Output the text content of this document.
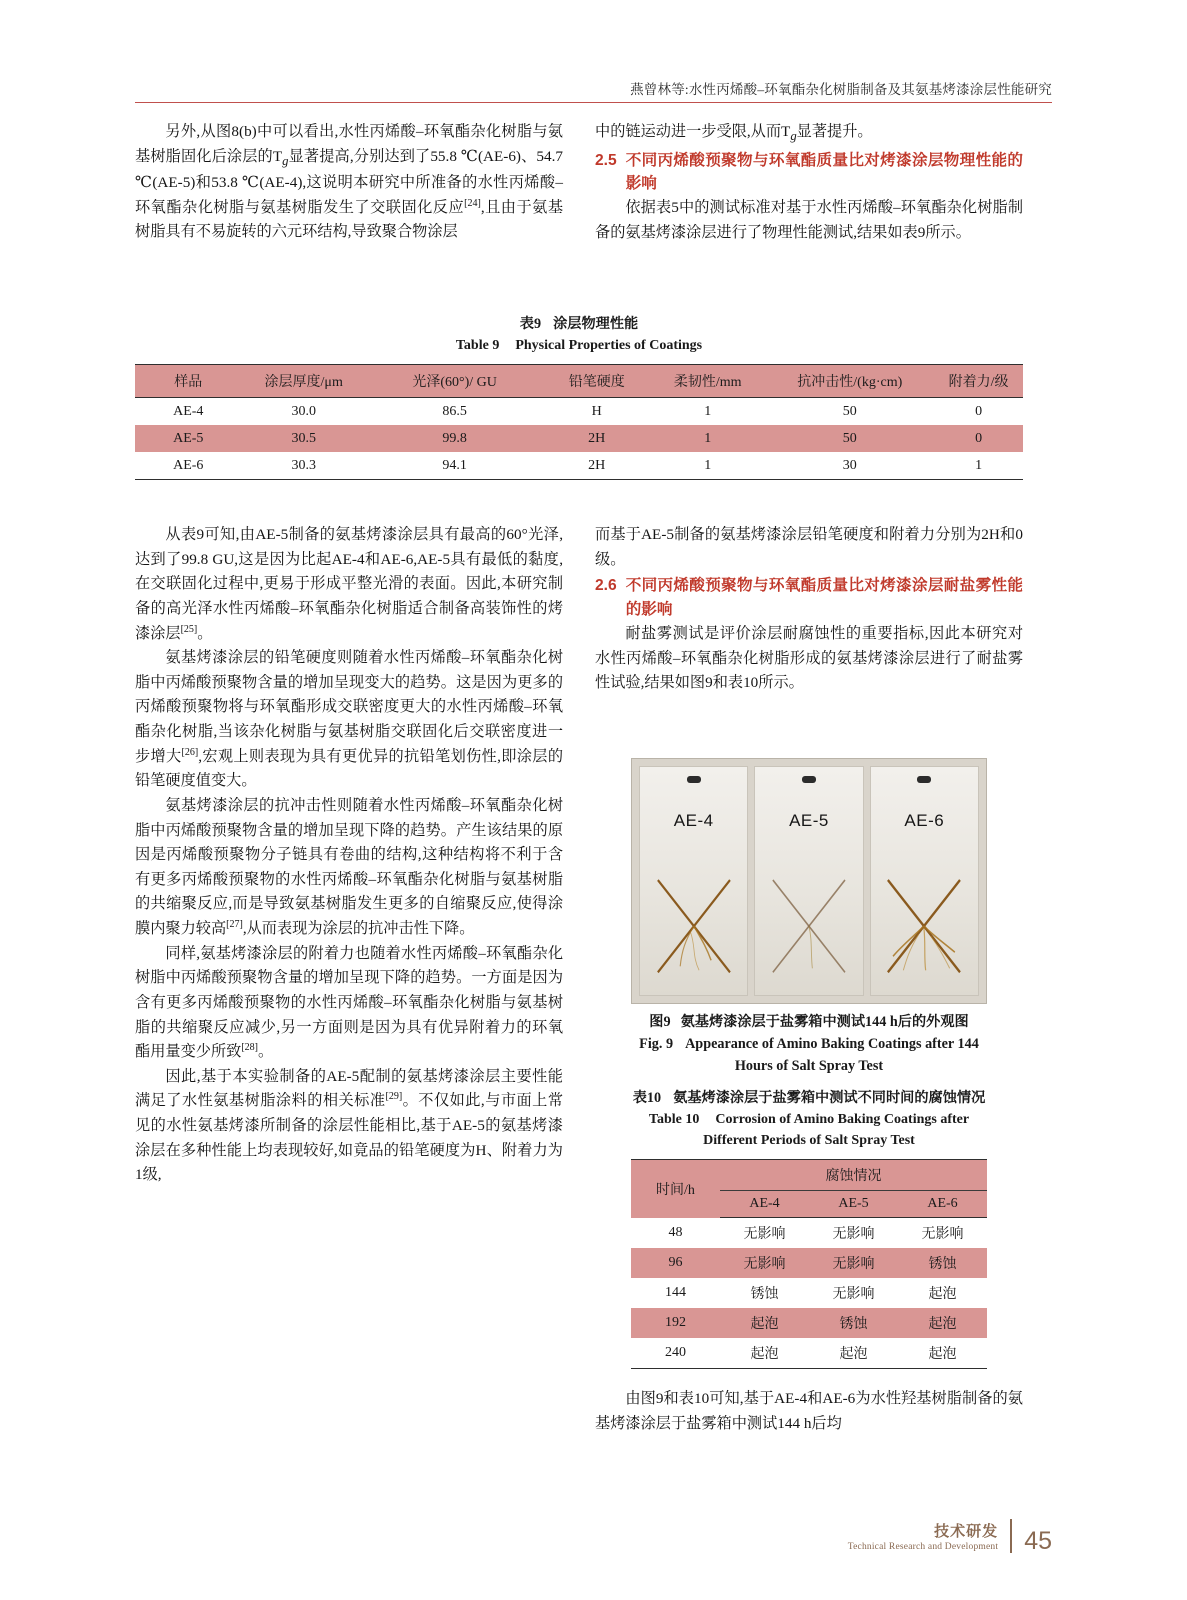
燕曾林等:水性丙烯酸–环氧酯杂化树脂制备及其氨基烤漆涂层性能研究

另外,从图8(b)中可以看出,水性丙烯酸–环氧酯杂化树脂与氨基树脂固化后涂层的$T_g$显著提高,分别达到了55.8 ℃(AE-6)、54.7 ℃(AE-5)和53.8 ℃(AE-4),这说明本研究中所准备的水性丙烯酸–环氧酯杂化树脂与氨基树脂发生了交联固化反应[24],且由于氨基树脂具有不易旋转的六元环结构,导致聚合物涂层

中的链运动进一步受限,从而$T_g$显著提升。

2.5 不同丙烯酸预聚物与环氧酯质量比对烤漆涂层物理性能的影响

依据表5中的测试标准对基于水性丙烯酸–环氧酯杂化树脂制备的氨基烤漆涂层进行了物理性能测试,结果如表9所示。

表9 涂层物理性能
Table 9 Physical Properties of Coatings
样品	涂层厚度/μm	光泽(60°)/ GU	铅笔硬度	柔韧性/mm	抗冲击性/(kg·cm)	附着力/级
AE-4	30.0	86.5	H	1	50	0
AE-5	30.5	99.8	2H	1	50	0
AE-6	30.3	94.1	2H	1	30	1

从表9可知,由AE-5制备的氨基烤漆涂层具有最高的60°光泽,达到了99.8 GU,这是因为比起AE-4和AE-6,AE-5具有最低的黏度,在交联固化过程中,更易于形成平整光滑的表面。因此,本研究制备的高光泽水性丙烯酸–环氧酯杂化树脂适合制备高装饰性的烤漆涂层[25]。

氨基烤漆涂层的铅笔硬度则随着水性丙烯酸–环氧酯杂化树脂中丙烯酸预聚物含量的增加呈现变大的趋势。这是因为更多的丙烯酸预聚物将与环氧酯形成交联密度更大的水性丙烯酸–环氧酯杂化树脂,当该杂化树脂与氨基树脂交联固化后交联密度进一步增大[26],宏观上则表现为具有更优异的抗铅笔划伤性,即涂层的铅笔硬度值变大。

氨基烤漆涂层的抗冲击性则随着水性丙烯酸–环氧酯杂化树脂中丙烯酸预聚物含量的增加呈现下降的趋势。产生该结果的原因是丙烯酸预聚物分子链具有卷曲的结构,这种结构将不利于含有更多丙烯酸预聚物的水性丙烯酸–环氧酯杂化树脂与氨基树脂的共缩聚反应,而是导致氨基树脂发生更多的自缩聚反应,使得涂膜内聚力较高[27],从而表现为涂层的抗冲击性下降。

同样,氨基烤漆涂层的附着力也随着水性丙烯酸–环氧酯杂化树脂中丙烯酸预聚物含量的增加呈现下降的趋势。一方面是因为含有更多丙烯酸预聚物的水性丙烯酸–环氧酯杂化树脂与氨基树脂的共缩聚反应减少,另一方面则是因为具有优异附着力的环氧酯用量变少所致[28]。

因此,基于本实验制备的AE-5配制的氨基烤漆涂层主要性能满足了水性氨基树脂涂料的相关标准[29]。不仅如此,与市面上常见的水性氨基烤漆所制备的涂层性能相比,基于AE-5的氨基烤漆涂层在多种性能上均表现较好,如竟品的铅笔硬度为H、附着力为1级,

而基于AE-5制备的氨基烤漆涂层铅笔硬度和附着力分别为2H和0级。

2.6 不同丙烯酸预聚物与环氧酯质量比对烤漆涂层耐盐雾性能的影响

耐盐雾测试是评价涂层耐腐蚀性的重要指标,因此本研究对水性丙烯酸–环氧酯杂化树脂形成的氨基烤漆涂层进行了耐盐雾性试验,结果如图9和表10所示。

AE-4	AE-5	AE-6
图9 氨基烤漆涂层于盐雾箱中测试144 h后的外观图
Fig. 9 Appearance of Amino Baking Coatings after 144
Hours of Salt Spray Test
表10 氨基烤漆涂层于盐雾箱中测试不同时间的腐蚀情况
Table 10 Corrosion of Amino Baking Coatings after
Different Periods of Salt Spray Test
时间/h	腐蚀情况		
	AE-4	AE-5	AE-6
48	无影响	无影响	无影响
96	无影响	无影响	锈蚀
144	锈蚀	无影响	起泡
192	起泡	锈蚀	起泡
240	起泡	起泡	起泡

由图9和表10可知,基于AE-4和AE-6为水性羟基树脂制备的氨基烤漆涂层于盐雾箱中测试144 h后均

技术研发
Technical Research and Development 45
